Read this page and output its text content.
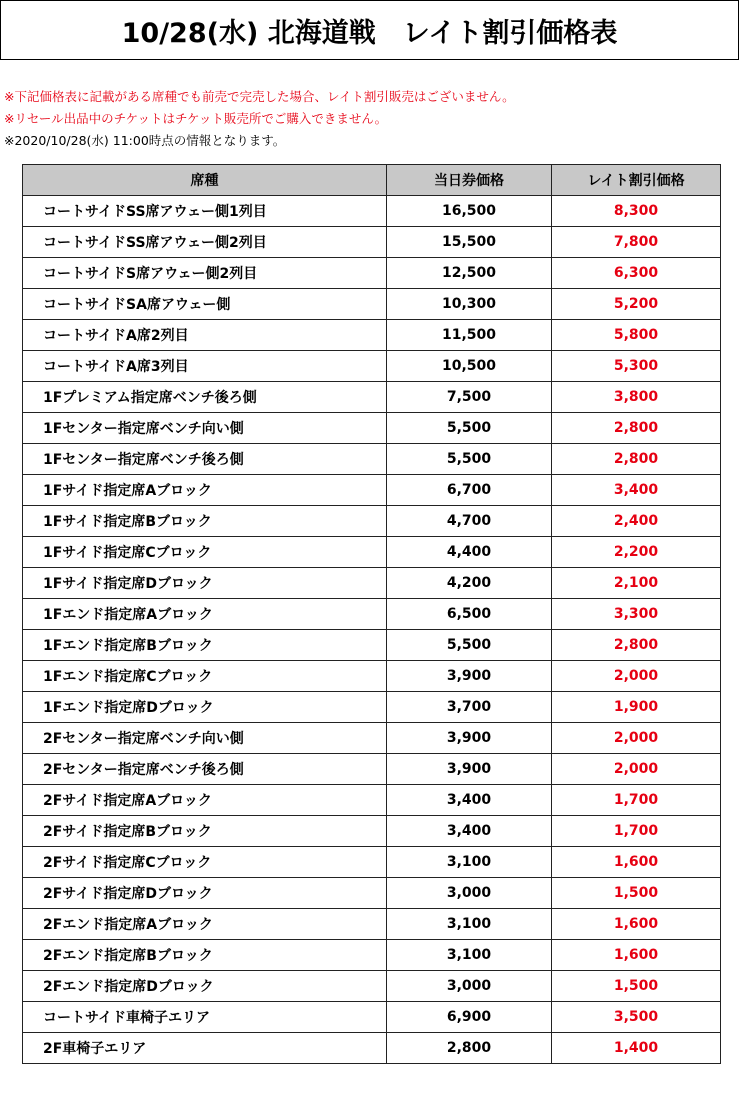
10/28(水) 北海道戦　レイト割引価格表
※下記価格表に記載がある席種でも前売で完売した場合、レイト割引販売はございません。
※リセール出品中のチケットはチケット販売所でご購入できません。
※2020/10/28(水) 11:00時点の情報となります。
席種	当日券価格	レイト割引価格
コートサイドSS席アウェー側1列目	16,500	8,300
コートサイドSS席アウェー側2列目	15,500	7,800
コートサイドS席アウェー側2列目	12,500	6,300
コートサイドSA席アウェー側	10,300	5,200
コートサイドA席2列目	11,500	5,800
コートサイドA席3列目	10,500	5,300
1Fプレミアム指定席ベンチ後ろ側	7,500	3,800
1Fセンター指定席ベンチ向い側	5,500	2,800
1Fセンター指定席ベンチ後ろ側	5,500	2,800
1Fサイド指定席Aブロック	6,700	3,400
1Fサイド指定席Bブロック	4,700	2,400
1Fサイド指定席Cブロック	4,400	2,200
1Fサイド指定席Dブロック	4,200	2,100
1Fエンド指定席Aブロック	6,500	3,300
1Fエンド指定席Bブロック	5,500	2,800
1Fエンド指定席Cブロック	3,900	2,000
1Fエンド指定席Dブロック	3,700	1,900
2Fセンター指定席ベンチ向い側	3,900	2,000
2Fセンター指定席ベンチ後ろ側	3,900	2,000
2Fサイド指定席Aブロック	3,400	1,700
2Fサイド指定席Bブロック	3,400	1,700
2Fサイド指定席Cブロック	3,100	1,600
2Fサイド指定席Dブロック	3,000	1,500
2Fエンド指定席Aブロック	3,100	1,600
2Fエンド指定席Bブロック	3,100	1,600
2Fエンド指定席Dブロック	3,000	1,500
コートサイド車椅子エリア	6,900	3,500
2F車椅子エリア	2,800	1,400
